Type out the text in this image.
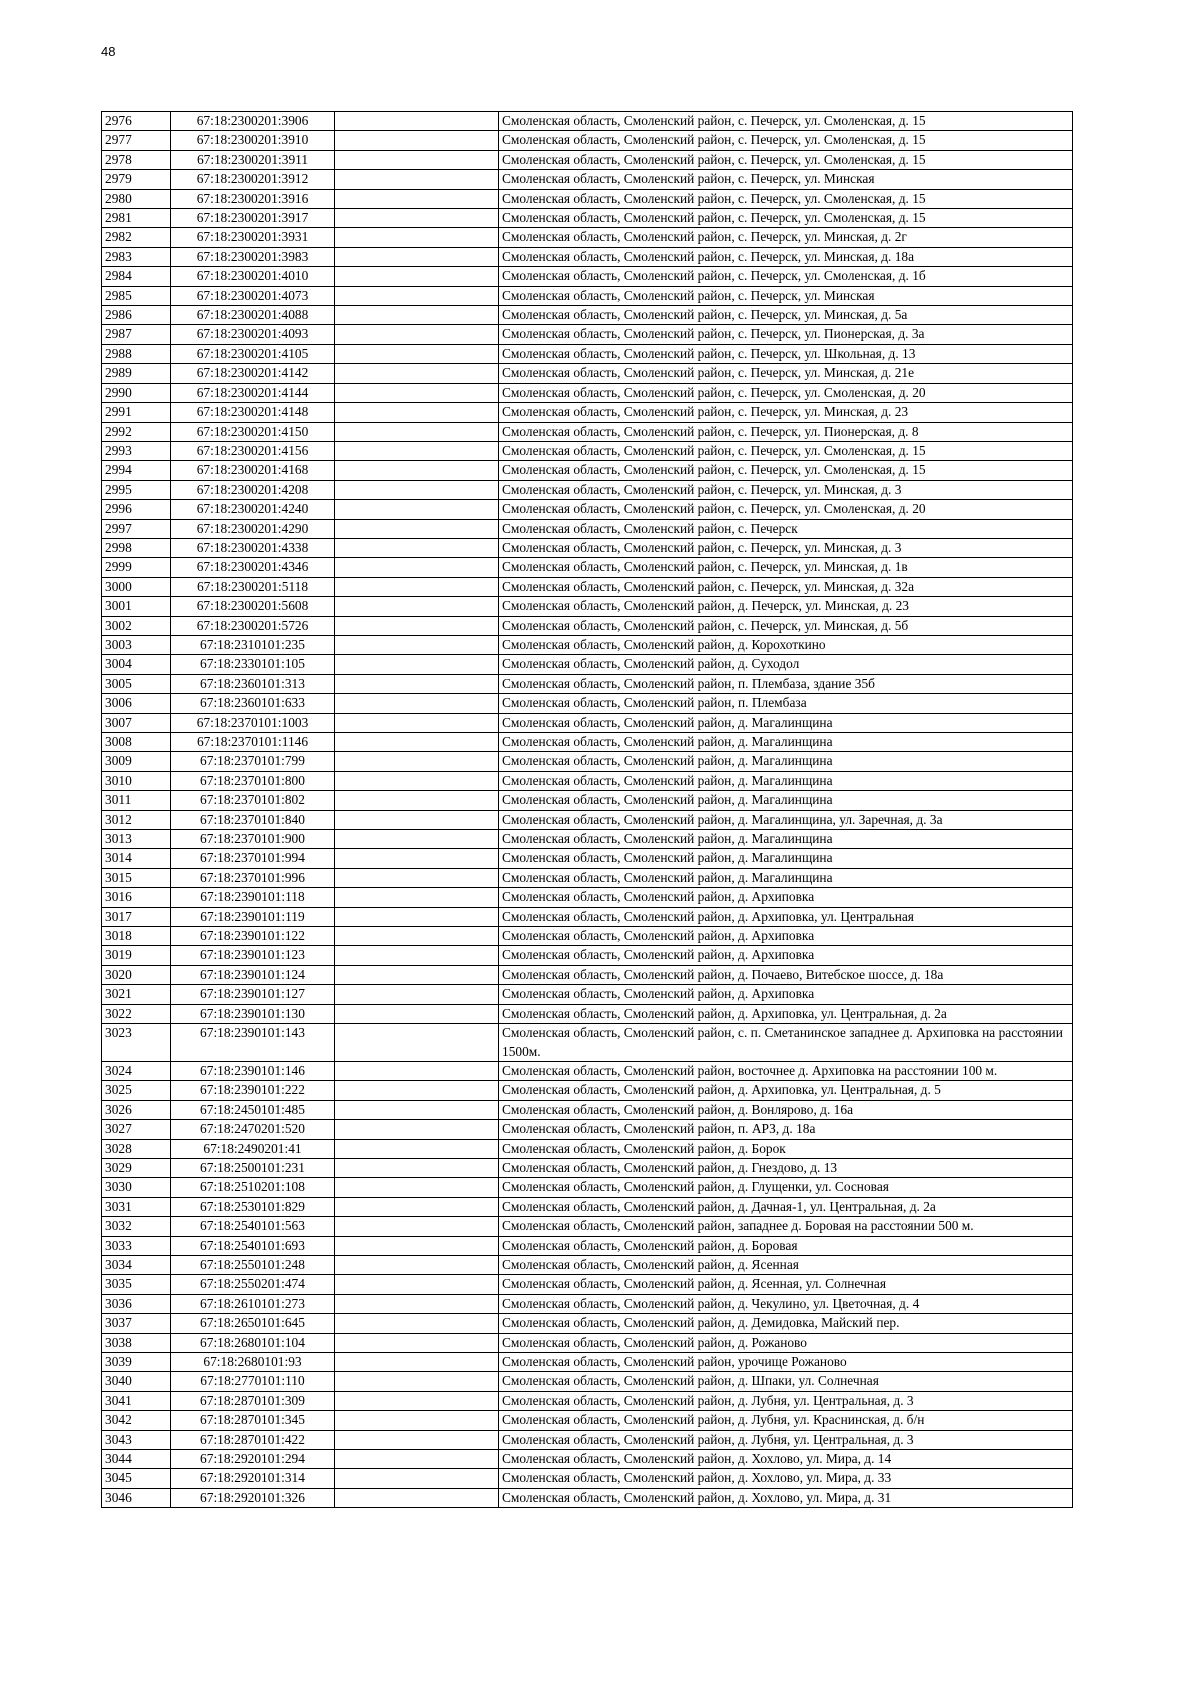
48
2976	67:18:2300201:3906		Смоленская область, Смоленский район, с. Печерск, ул. Смоленская, д. 15
2977	67:18:2300201:3910		Смоленская область, Смоленский район, с. Печерск, ул. Смоленская, д. 15
2978	67:18:2300201:3911		Смоленская область, Смоленский район, с. Печерск, ул. Смоленская, д. 15
2979	67:18:2300201:3912		Смоленская область, Смоленский район, с. Печерск, ул. Минская
2980	67:18:2300201:3916		Смоленская область, Смоленский район, с. Печерск, ул. Смоленская, д. 15
2981	67:18:2300201:3917		Смоленская область, Смоленский район, с. Печерск, ул. Смоленская, д. 15
2982	67:18:2300201:3931		Смоленская область, Смоленский район, с. Печерск, ул. Минская, д. 2г
2983	67:18:2300201:3983		Смоленская область, Смоленский район, с. Печерск, ул. Минская, д. 18а
2984	67:18:2300201:4010		Смоленская область, Смоленский район, с. Печерск, ул. Смоленская, д. 1б
2985	67:18:2300201:4073		Смоленская область, Смоленский район, с. Печерск, ул. Минская
2986	67:18:2300201:4088		Смоленская область, Смоленский район, с. Печерск, ул. Минская, д. 5а
2987	67:18:2300201:4093		Смоленская область, Смоленский район, с. Печерск, ул. Пионерская, д. 3а
2988	67:18:2300201:4105		Смоленская область, Смоленский район, с. Печерск, ул. Школьная, д. 13
2989	67:18:2300201:4142		Смоленская область, Смоленский район, с. Печерск, ул. Минская, д. 21е
2990	67:18:2300201:4144		Смоленская область, Смоленский район, с. Печерск, ул. Смоленская, д. 20
2991	67:18:2300201:4148		Смоленская область, Смоленский район, с. Печерск, ул. Минская, д. 23
2992	67:18:2300201:4150		Смоленская область, Смоленский район, с. Печерск, ул. Пионерская, д. 8
2993	67:18:2300201:4156		Смоленская область, Смоленский район, с. Печерск, ул. Смоленская, д. 15
2994	67:18:2300201:4168		Смоленская область, Смоленский район, с. Печерск, ул. Смоленская, д. 15
2995	67:18:2300201:4208		Смоленская область, Смоленский район, с. Печерск, ул. Минская, д. 3
2996	67:18:2300201:4240		Смоленская область, Смоленский район, с. Печерск, ул. Смоленская, д. 20
2997	67:18:2300201:4290		Смоленская область, Смоленский район, с. Печерск
2998	67:18:2300201:4338		Смоленская область, Смоленский район, с. Печерск, ул. Минская, д. 3
2999	67:18:2300201:4346		Смоленская область, Смоленский район, с. Печерск, ул. Минская, д. 1в
3000	67:18:2300201:5118		Смоленская область, Смоленский район, с. Печерск, ул. Минская, д. 32а
3001	67:18:2300201:5608		Смоленская область, Смоленский район, д. Печерск, ул. Минская, д. 23
3002	67:18:2300201:5726		Смоленская область, Смоленский район, с. Печерск, ул. Минская, д. 5б
3003	67:18:2310101:235		Смоленская область, Смоленский район, д. Корохоткино
3004	67:18:2330101:105		Смоленская область, Смоленский район, д. Суходол
3005	67:18:2360101:313		Смоленская область, Смоленский район, п. Плембаза, здание 35б
3006	67:18:2360101:633		Смоленская область, Смоленский район, п. Плембаза
3007	67:18:2370101:1003		Смоленская область, Смоленский район, д. Магалинщина
3008	67:18:2370101:1146		Смоленская область, Смоленский район, д. Магалинщина
3009	67:18:2370101:799		Смоленская область, Смоленский район, д. Магалинщина
3010	67:18:2370101:800		Смоленская область, Смоленский район, д. Магалинщина
3011	67:18:2370101:802		Смоленская область, Смоленский район, д. Магалинщина
3012	67:18:2370101:840		Смоленская область, Смоленский район, д. Магалинщина, ул. Заречная, д. 3а
3013	67:18:2370101:900		Смоленская область, Смоленский район, д. Магалинщина
3014	67:18:2370101:994		Смоленская область, Смоленский район, д. Магалинщина
3015	67:18:2370101:996		Смоленская область, Смоленский район, д. Магалинщина
3016	67:18:2390101:118		Смоленская область, Смоленский район, д. Архиповка
3017	67:18:2390101:119		Смоленская область, Смоленский район, д. Архиповка, ул. Центральная
3018	67:18:2390101:122		Смоленская область, Смоленский район, д. Архиповка
3019	67:18:2390101:123		Смоленская область, Смоленский район, д. Архиповка
3020	67:18:2390101:124		Смоленская область, Смоленский район, д. Почаево, Витебское шоссе, д. 18а
3021	67:18:2390101:127		Смоленская область, Смоленский район, д. Архиповка
3022	67:18:2390101:130		Смоленская область, Смоленский район, д. Архиповка, ул. Центральная, д. 2а
3023	67:18:2390101:143		Смоленская область, Смоленский район, с. п. Сметанинское западнее д. Архиповка на расстоянии 1500м.
3024	67:18:2390101:146		Смоленская область, Смоленский район, восточнее д. Архиповка на расстоянии 100 м.
3025	67:18:2390101:222		Смоленская область, Смоленский район, д. Архиповка, ул. Центральная, д. 5
3026	67:18:2450101:485		Смоленская область, Смоленский район, д. Вонлярово, д. 16а
3027	67:18:2470201:520		Смоленская область, Смоленский район, п. АРЗ, д. 18а
3028	67:18:2490201:41		Смоленская область, Смоленский район, д. Борок
3029	67:18:2500101:231		Смоленская область, Смоленский район, д. Гнездово, д. 13
3030	67:18:2510201:108		Смоленская область, Смоленский район, д. Глущенки, ул. Сосновая
3031	67:18:2530101:829		Смоленская область, Смоленский район, д. Дачная-1, ул. Центральная, д. 2а
3032	67:18:2540101:563		Смоленская область, Смоленский район, западнее д. Боровая на расстоянии 500 м.
3033	67:18:2540101:693		Смоленская область, Смоленский район, д. Боровая
3034	67:18:2550101:248		Смоленская область, Смоленский район, д. Ясенная
3035	67:18:2550201:474		Смоленская область, Смоленский район, д. Ясенная, ул. Солнечная
3036	67:18:2610101:273		Смоленская область, Смоленский район, д. Чекулино, ул. Цветочная, д. 4
3037	67:18:2650101:645		Смоленская область, Смоленский район, д. Демидовка, Майский пер.
3038	67:18:2680101:104		Смоленская область, Смоленский район, д. Рожаново
3039	67:18:2680101:93		Смоленская область, Смоленский район, урочище Рожаново
3040	67:18:2770101:110		Смоленская область, Смоленский район, д. Шпаки, ул. Солнечная
3041	67:18:2870101:309		Смоленская область, Смоленский район, д. Лубня, ул. Центральная, д. 3
3042	67:18:2870101:345		Смоленская область, Смоленский район, д. Лубня, ул. Краснинская, д. б/н
3043	67:18:2870101:422		Смоленская область, Смоленский район, д. Лубня, ул. Центральная, д. 3
3044	67:18:2920101:294		Смоленская область, Смоленский район, д. Хохлово, ул. Мира, д. 14
3045	67:18:2920101:314		Смоленская область, Смоленский район, д. Хохлово, ул. Мира, д. 33
3046	67:18:2920101:326		Смоленская область, Смоленский район, д. Хохлово, ул. Мира, д. 31
